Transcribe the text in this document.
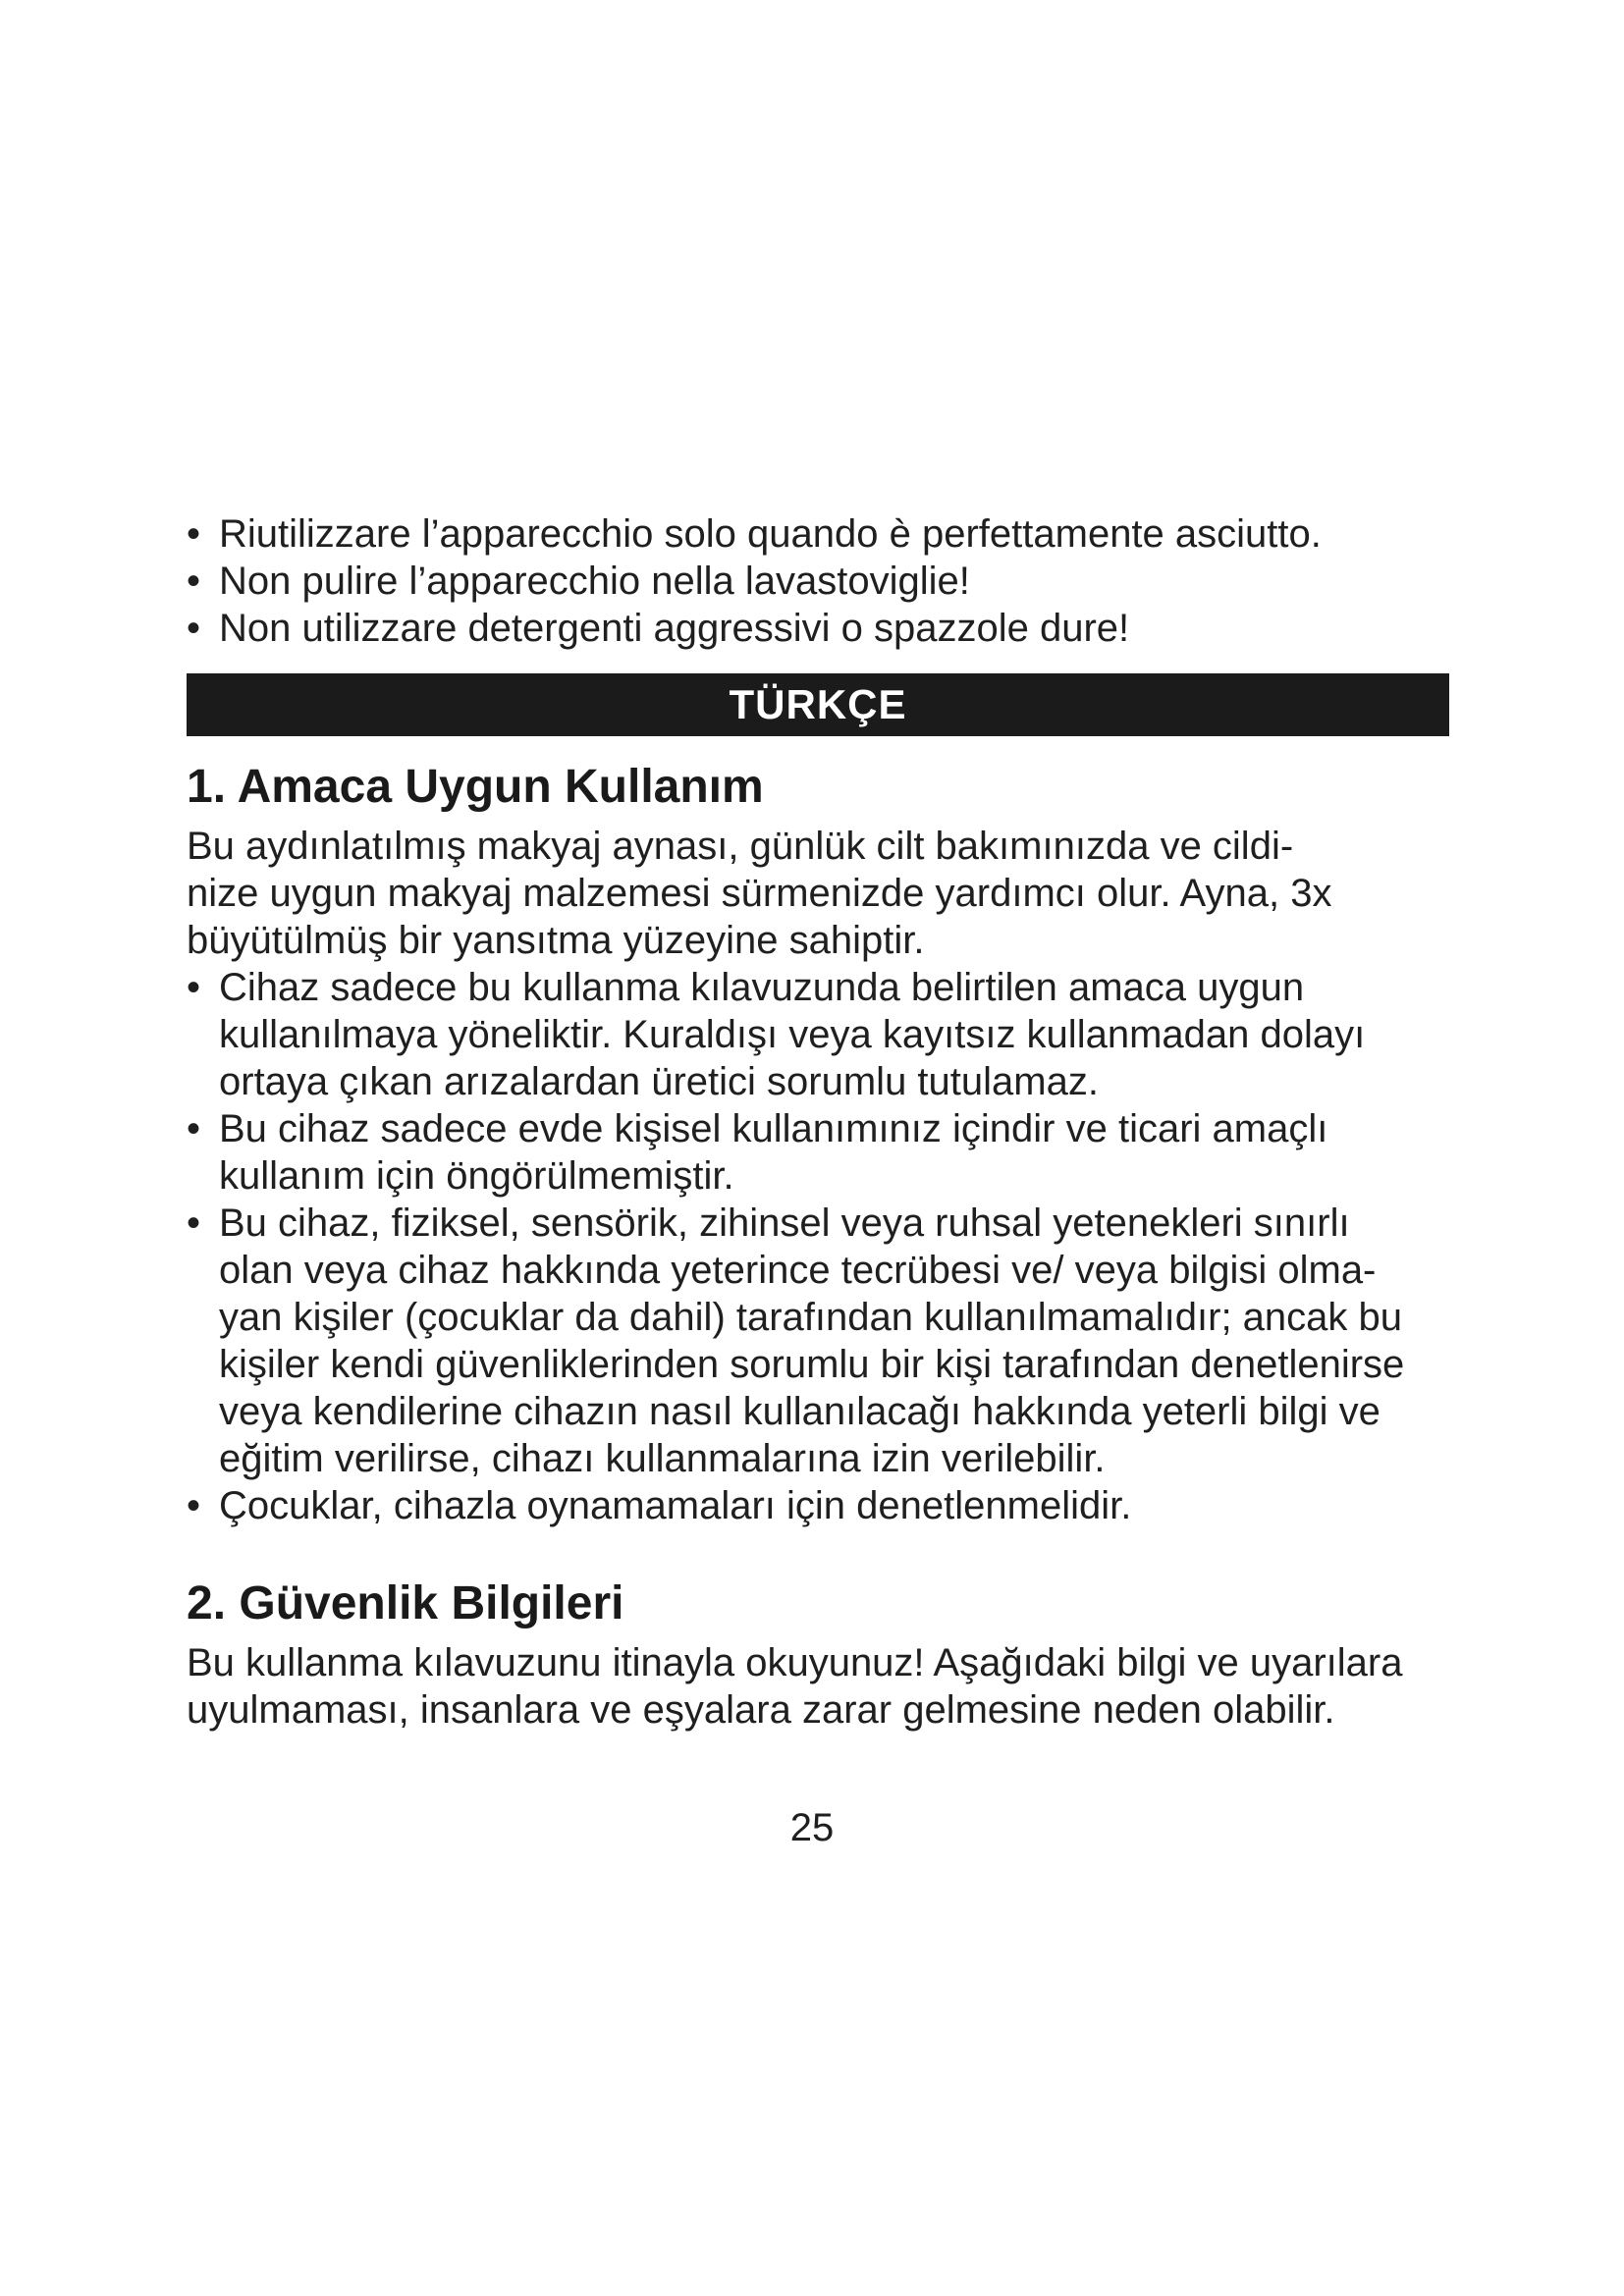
• Riutilizzare l’apparecchio solo quando è perfettamente asciutto.

• Non pulire l’apparecchio nella lavastoviglie!

• Non utilizzare detergenti aggressivi o spazzole dure!

TÜRKÇE
1. Amaca Uygun Kullanım
Bu aydınlatılmış makyaj aynası, günlük cilt bakımınızda ve cildi-
nize uygun makyaj malzemesi sürmenizde yardımcı olur. Ayna, 3x
büyütülmüş bir yansıtma yüzeyine sahiptir.

• Cihaz sadece bu kullanma kılavuzunda belirtilen amaca uygun

kullanılmaya yöneliktir. Kuraldışı veya kayıtsız kullanmadan dolayı

ortaya çıkan arızalardan üretici sorumlu tutulamaz.

• Bu cihaz sadece evde kişisel kullanımınız içindir ve ticari amaçlı

kullanım için öngörülmemiştir.

• Bu cihaz, fiziksel, sensörik, zihinsel veya ruhsal yetenekleri sınırlı

olan veya cihaz hakkında yeterince tecrübesi ve/ veya bilgisi olma-

yan kişiler (çocuklar da dahil) tarafından kullanılmamalıdır; ancak bu

kişiler kendi güvenliklerinden sorumlu bir kişi tarafından denetlenirse

veya kendilerine cihazın nasıl kullanılacağı hakkında yeterli bilgi ve

eğitim verilirse, cihazı kullanmalarına izin verilebilir.

• Çocuklar, cihazla oynamamaları için denetlenmelidir.

2. Güvenlik Bilgileri
Bu kullanma kılavuzunu itinayla okuyunuz! Aşağıdaki bilgi ve uyarılara
uyulmaması, insanlara ve eşyalara zarar gelmesine neden olabilir.
25
